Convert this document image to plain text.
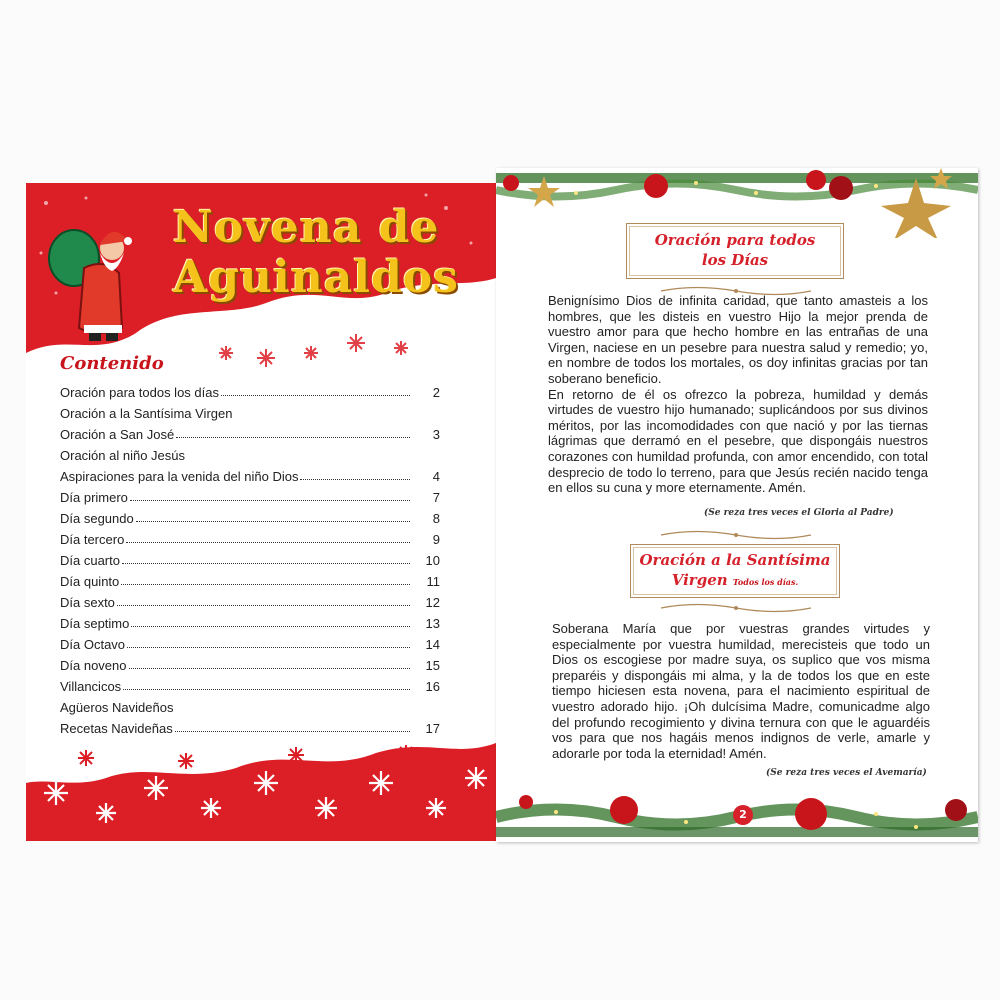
Novena de
Aguinaldos
Contenido
Oración para todos los días	2
Oración a la Santísima Virgen
Oración a San José	3
Oración al niño Jesús
Aspiraciones para la venida del niño Dios	4
Día primero	7
Día segundo	8
Día tercero	9
Día cuarto	10
Día quinto	11
Día sexto	12
Día septimo	13
Día Octavo	14
Día noveno	15
Villancicos	16
Agüeros Navideños
Recetas Navideñas	17
Oración para todos
los Días
Benignísimo Dios de infinita caridad, que tanto amasteis a los hombres, que les disteis en vuestro Hijo la mejor prenda de vuestro amor para que hecho hombre en las entrañas de una Virgen, naciese en un pesebre para nuestra salud y remedio; yo, en nombre de todos los mortales, os doy infinitas gracias por tan soberano beneficio.
En retorno de él os ofrezco la pobreza, humildad y demás virtudes de vuestro hijo humanado; suplicándoos por sus divinos méritos, por las incomodidades con que nació y por las tiernas lágrimas que derramó en el pesebre, que dispongáis nuestros corazones con humildad profunda, con amor encendido, con total desprecio de todo lo terreno, para que Jesús recién nacido tenga en ellos su cuna y more eternamente. Amén.
(Se reza tres veces el Gloria al Padre)
Oración a la Santísima
Virgen Todos los días.
Soberana María que por vuestras grandes virtudes y especialmente por vuestra humildad, merecisteis que todo un Dios os escogiese por madre suya, os suplico que vos misma preparéis y dispongáis mi alma, y la de todos los que en este tiempo hiciesen esta novena, para el nacimiento espiritual de vuestro adorado hijo. ¡Oh dulcísima Madre, comunicadme algo del profundo recogimiento y divina ternura con que le aguardéis vos para que nos hagáis menos indignos de verle, amarle y adorarle por toda la eternidad! Amén.
(Se reza tres veces el Avemaría)
2
